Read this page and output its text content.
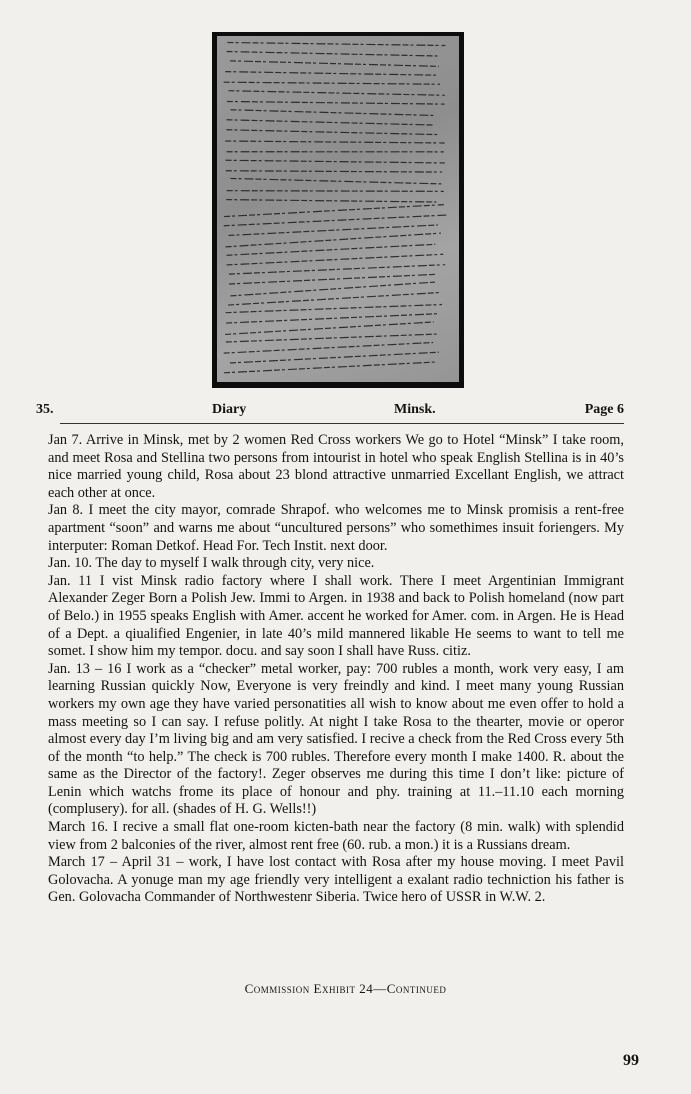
35.	Diary	Minsk.	Page 6

Jan 7. Arrive in Minsk, met by 2 women Red Cross workers We go to Hotel “Minsk” I take room, and meet Rosa and Stellina two persons from intourist in hotel who speak English Stellina is in 40’s nice married young child, Rosa about 23 blond attractive unmarried Excellant English, we attract each other at once.

Jan 8. I meet the city mayor, comrade Shrapof. who welcomes me to Minsk promisis a rent-free apartment “soon” and warns me about “uncultured persons” who somethimes insuit foriengers. My interputer: Roman Detkof. Head For. Tech Instit. next door.

Jan. 10. The day to myself I walk through city, very nice.

Jan. 11 I vist Minsk radio factory where I shall work. There I meet Argentinian Immigrant Alexander Zeger Born a Polish Jew. Immi to Argen. in 1938 and back to Polish homeland (now part of Belo.) in 1955 speaks English with Amer. accent he worked for Amer. com. in Argen. He is Head of a Dept. a qiualified Engenier, in late 40’s mild mannered likable He seems to want to tell me somet. I show him my tempor. docu. and say soon I shall have Russ. citiz.

Jan. 13 – 16 I work as a “checker” metal worker, pay: 700 rubles a month, work very easy, I am learning Russian quickly Now, Everyone is very freindly and kind. I meet many young Russian workers my own age they have varied personatities all wish to know about me even offer to hold a mass meeting so I can say. I refuse politly. At night I take Rosa to the thearter, movie or operor almost every day I’m living big and am very satisfied. I recive a check from the Red Cross every 5th of the month “to help.” The check is 700 rubles. Therefore every month I make 1400. R. about the same as the Director of the factory!. Zeger observes me during this time I don’t like: picture of Lenin which watchs frome its place of honour and phy. training at 11.–11.10 each morning (complusery). for all. (shades of H. G. Wells!!)

March 16. I recive a small flat one-room kicten-bath near the factory (8 min. walk) with splendid view from 2 balconies of the river, almost rent free (60. rub. a mon.) it is a Russians dream.

March 17 – April 31 – work, I have lost contact with Rosa after my house moving. I meet Pavil Golovacha. A yonuge man my age friendly very intelligent a exalant radio techniction his father is Gen. Golovacha Commander of Northwestenr Siberia. Twice hero of USSR in W.W. 2.

Commission Exhibit 24—Continued
99
